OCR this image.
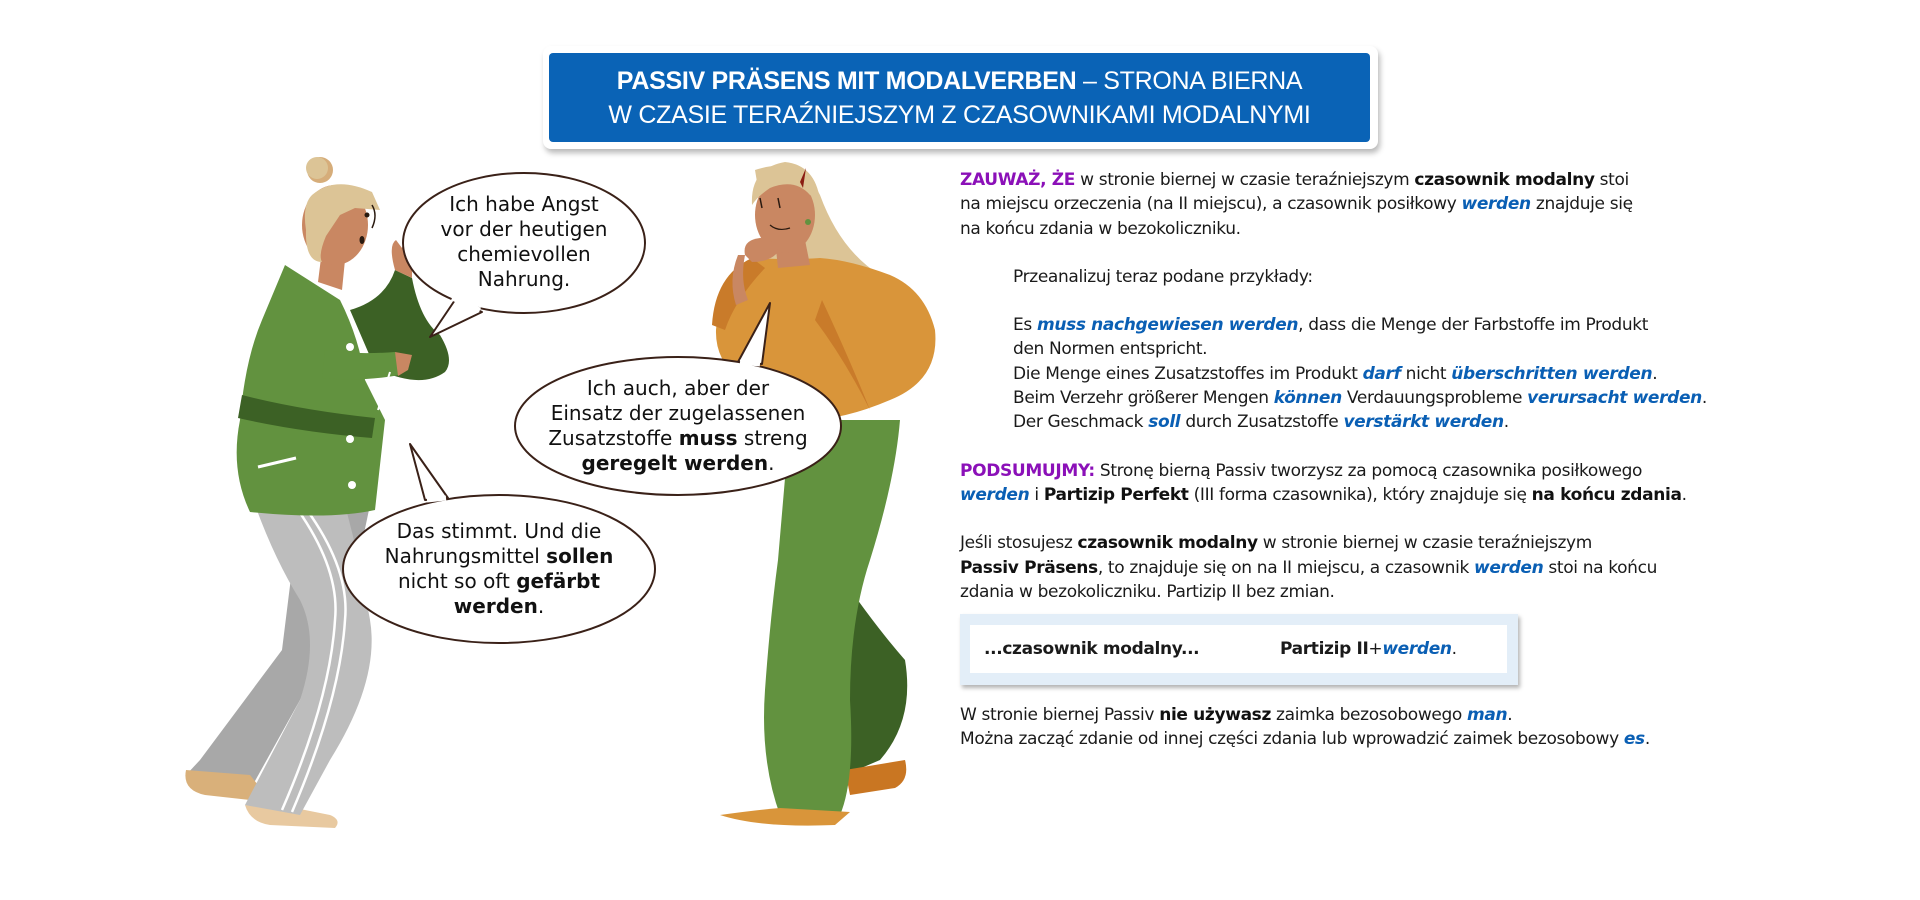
PASSIV PRÄSENS MIT MODALVERBEN – STRONA BIERNA
W CZASIE TERAŹNIEJSZYM Z CZASOWNIKAMI MODALNYMI
Ich habe Angst
vor der heutigen
chemievollen
Nahrung.
Ich auch, aber der
Einsatz der zugelassenen
Zusatzstoffe muss streng
geregelt werden.
Das stimmt. Und die
Nahrungsmittel sollen
nicht so oft gefärbt
werden.

ZAUWAŻ, ŻE w stronie biernej w czasie teraźniejszym czasownik modalny stoi
na miejscu orzeczenia (na II miejscu), a czasownik posiłkowy werden znajduje się
na końcu zdania w bezokoliczniku.

Przeanalizuj teraz podane przykłady:

Es muss nachgewiesen werden, dass die Menge der Farbstoffe im Produkt
den Normen entspricht.

Die Menge eines Zusatzstoffes im Produkt darf nicht überschritten werden.

Beim Verzehr größerer Mengen können Verdauungsprobleme verursacht werden.

Der Geschmack soll durch Zusatzstoffe verstärkt werden.

PODSUMUJMY: Stronę bierną Passiv tworzysz za pomocą czasownika posiłkowego
werden i Partizip Perfekt (III forma czasownika), który znajduje się na końcu zdania.

Jeśli stosujesz czasownik modalny w stronie biernej w czasie teraźniejszym
Passiv Präsens, to znajduje się on na II miejscu, a czasownik werden stoi na końcu
zdania w bezokoliczniku. Partizip II bez zmian.

...czasownik modalny...	Partizip II + werden .

W stronie biernej Passiv nie używasz zaimka bezosobowego man.
Można zacząć zdanie od innej części zdania lub wprowadzić zaimek bezosobowy es.
